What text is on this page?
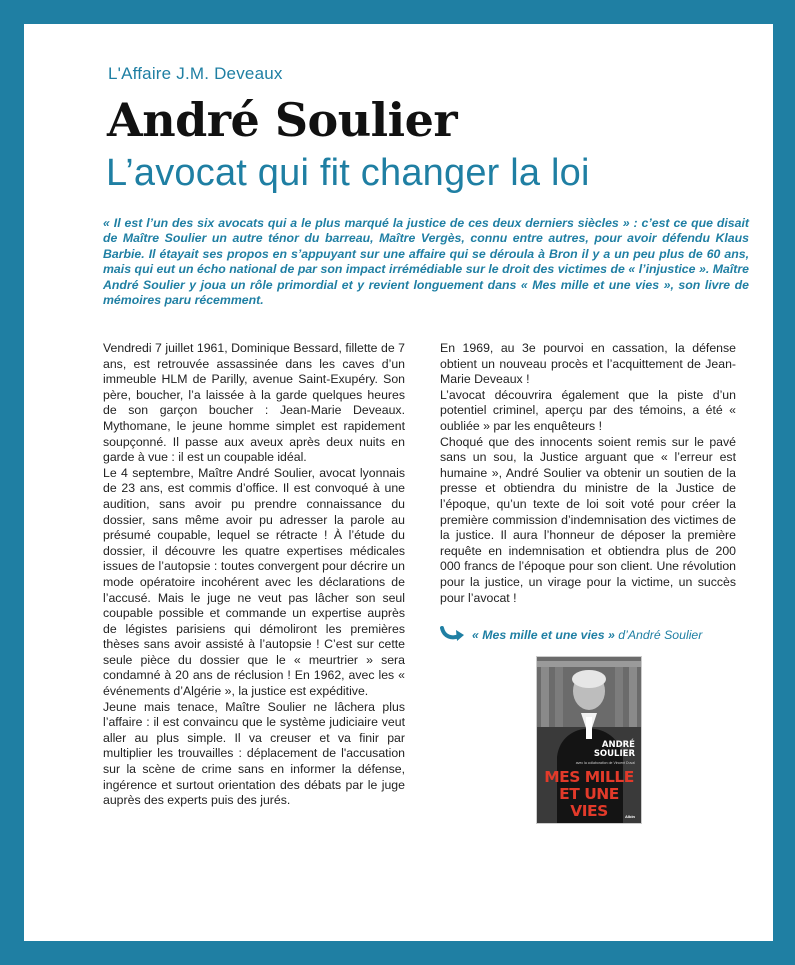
L'Affaire J.M. Deveaux
André Soulier
L’avocat qui fit changer la loi
« Il est l’un des six avocats qui a le plus marqué la justice de ces deux derniers siècles » : c’est ce que disait de Maître Soulier un autre ténor du barreau, Maître Vergès, connu entre autres, pour avoir défendu Klaus Barbie. Il étayait ses propos en s’appuyant sur une affaire qui se déroula à Bron il y a un peu plus de 60 ans, mais qui eut un écho national de par son impact irrémédiable sur le droit des victimes de « l’injustice ». Maître André Soulier y joua un rôle primordial et y revient longuement dans « Mes mille et une vies », son livre de mémoires paru récemment.

Vendredi 7 juillet 1961, Dominique Bessard, fillette de 7 ans, est retrouvée assassinée dans les caves d’un immeuble HLM de Parilly, avenue Saint-Exupéry. Son père, boucher, l’a laissée à la garde quelques heures de son garçon boucher : Jean-Marie Deveaux. Mythomane, le jeune homme simplet est rapidement soupçonné. Il passe aux aveux après deux nuits en garde à vue : il est un coupable idéal.

Le 4 septembre, Maître André Soulier, avocat lyonnais de 23 ans, est commis d’office. Il est convoqué à une audition, sans avoir pu prendre connaissance du dossier, sans même avoir pu adresser la parole au présumé coupable, lequel se rétracte ! À l’étude du dossier, il découvre les quatre expertises médicales issues de l’autopsie : toutes convergent pour décrire un mode opératoire incohérent avec les déclarations de l’accusé. Mais le juge ne veut pas lâcher son seul coupable possible et commande un expertise auprès de légistes parisiens qui démoliront les premières thèses sans avoir assisté à l’autopsie ! C’est sur cette seule pièce du dossier que le « meurtrier » sera condamné à 20 ans de réclusion ! En 1962, avec les « événements d’Algérie », la justice est expéditive.

Jeune mais tenace, Maître Soulier ne lâchera plus l’affaire : il est convaincu que le système judiciaire veut aller au plus simple. Il va creuser et va finir par multiplier les trouvailles : déplacement de l'accusation sur la scène de crime sans en informer la défense, ingérence et surtout orientation des débats par le juge auprès des experts puis des jurés.

En 1969, au 3e pourvoi en cassation, la défense obtient un nouveau procès et l’acquittement de Jean-Marie Deveaux !

L’avocat découvrira également que la piste d’un potentiel criminel, aperçu par des témoins, a été « oubliée » par les enquêteurs !

Choqué que des innocents soient remis sur le pavé sans un sou, la Justice arguant que « l’erreur est humaine », André Soulier va obtenir un soutien de la presse et obtiendra du ministre de la Justice de l’époque, qu’un texte de loi soit voté pour créer la première commission d’indemnisation des victimes de la justice. Il aura l’honneur de déposer la première requête en indemnisation et obtiendra plus de 200 000 francs de l’époque pour son client. Une révolution pour la justice, un virage pour la victime, un succès pour l’avocat !

« Mes mille et une vies » d’André Soulier
ANDRÉ
SOULIER
avec la collaboration de Vincent Duval
MES MILLE
ET UNE VIES	Albin
